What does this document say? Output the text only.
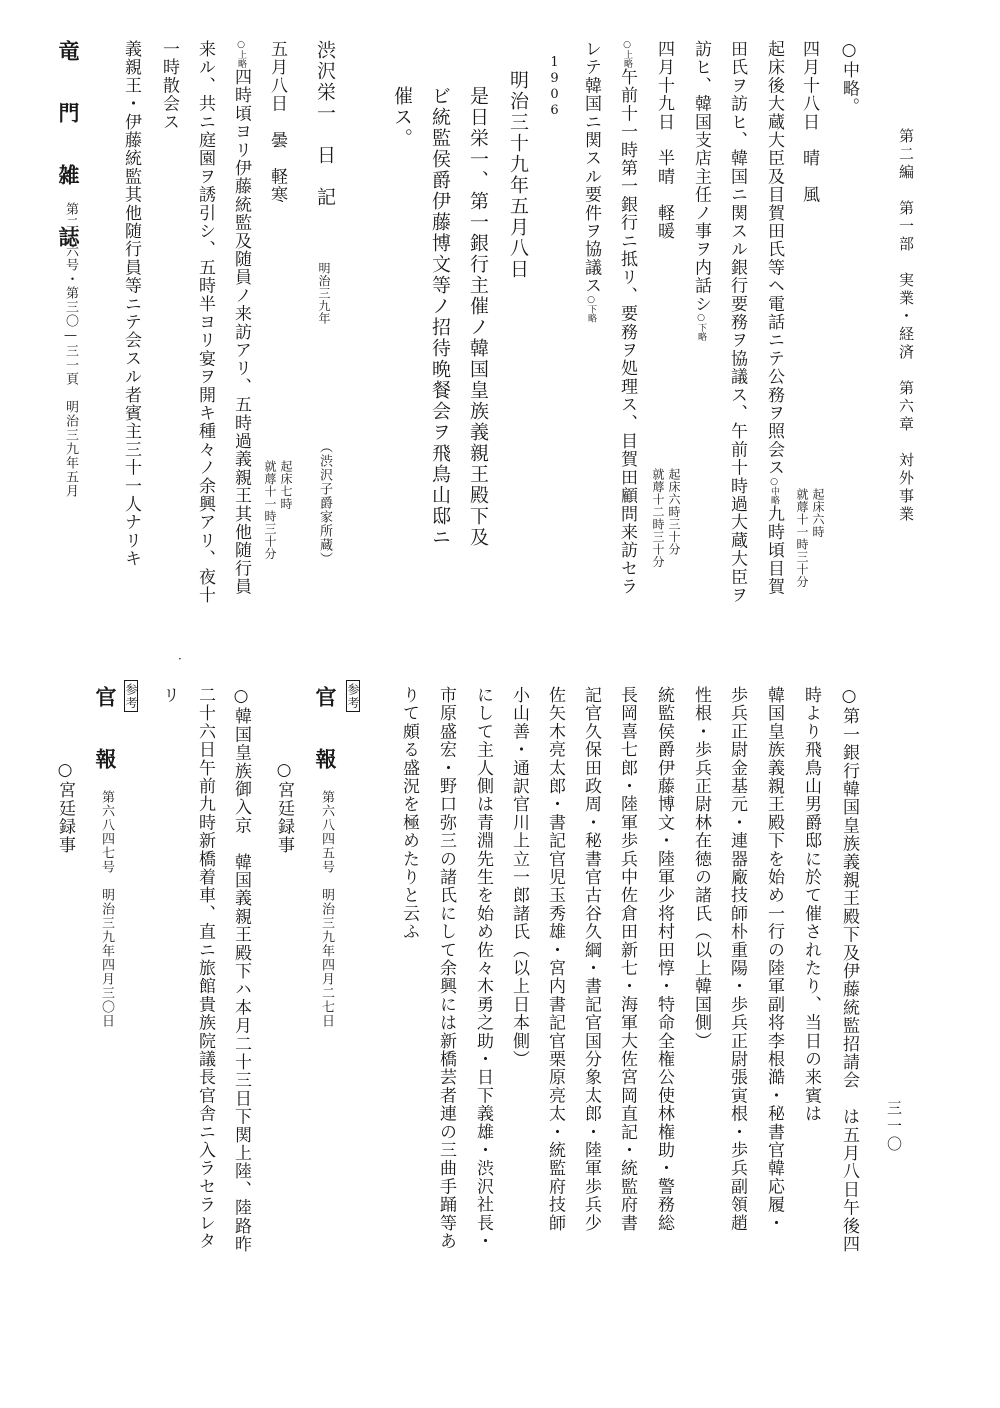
第二編　第一部　実業・経済　第六章　対外事業
三一〇
○中略。
四月十八日　晴　風
起床六時
就蓐十一時三十分
起床後大蔵大臣及目賀田氏等ヘ電話ニテ公務ヲ照会ス○中略九時頃目賀
田氏ヲ訪ヒ、韓国ニ関スル銀行要務ヲ協議ス、午前十時過大蔵大臣ヲ
訪ヒ、韓国支店主任ノ事ヲ内話シ○下略
四月十九日　半晴　軽暖
起床六時三十分
就蓐十二時三十分
○上略午前十一時第一銀行ニ抵リ、要務ヲ処理ス、目賀田顧問来訪セラ
レテ韓国ニ関スル要件ヲ協議ス○下略
1906
明治三十九年五月八日
是日栄一、第一銀行主催ノ韓国皇族義親王殿下及
ビ統監侯爵伊藤博文等ノ招待晩餐会ヲ飛鳥山邸ニ
催ス。
渋沢栄一　日　記
明治三九年
（渋沢子爵家所蔵）
五月八日　曇　軽寒
起床七時
就蓐十一時三十分
○上略四時頃ヨリ伊藤統監及随員ノ来訪アリ、五時過義親王其他随行員
来ル、共ニ庭園ヲ誘引シ、五時半ヨリ宴ヲ開キ種々ノ余興アリ、夜十
一時散会ス
竜　門　雑　誌
第二一六号・第三〇—三一頁　明治三九年五月	義親王・伊藤統監其他随行員等ニテ会スル者賓主三十一人ナリキ
○第一銀行韓国皇族義親王殿下及伊藤統監招請会　は五月八日午後四
時より飛鳥山男爵邸に於て催されたり、当日の来賓は
韓国皇族義親王殿下を始め一行の陸軍副将李根澔・秘書官韓応履・
歩兵正尉金基元・連器廠技師朴重陽・歩兵正尉張寅根・歩兵副領趙
性根・歩兵正尉林在徳の諸氏（以上韓国側）
統監侯爵伊藤博文・陸軍少将村田惇・特命全権公使林権助・警務総
長岡喜七郎・陸軍歩兵中佐倉田新七・海軍大佐宮岡直記・統監府書
記官久保田政周・秘書官古谷久綱・書記官国分象太郎・陸軍歩兵少
佐矢木亮太郎・書記官児玉秀雄・宮内書記官栗原亮太・統監府技師
小山善・通訳官川上立一郎諸氏（以上日本側）
にして主人側は青淵先生を始め佐々木勇之助・日下義雄・渋沢社長・
市原盛宏・野口弥三の諸氏にして余興には新橋芸者連の三曲手踊等あ
りて頗る盛況を極めたりと云ふ
参考
官　報
第六八四五号　明治三九年四月二七日
○宮廷録事
○韓国皇族御入京　韓国義親王殿下ハ本月二十三日下関上陸、陸路昨
二十六日午前九時新橋着車、直ニ旅館貴族院議長官舎ニ入ラセラレタ
リ
参考
官　報
第六八四七号　明治三九年四月三〇日
○宮廷録事
·
